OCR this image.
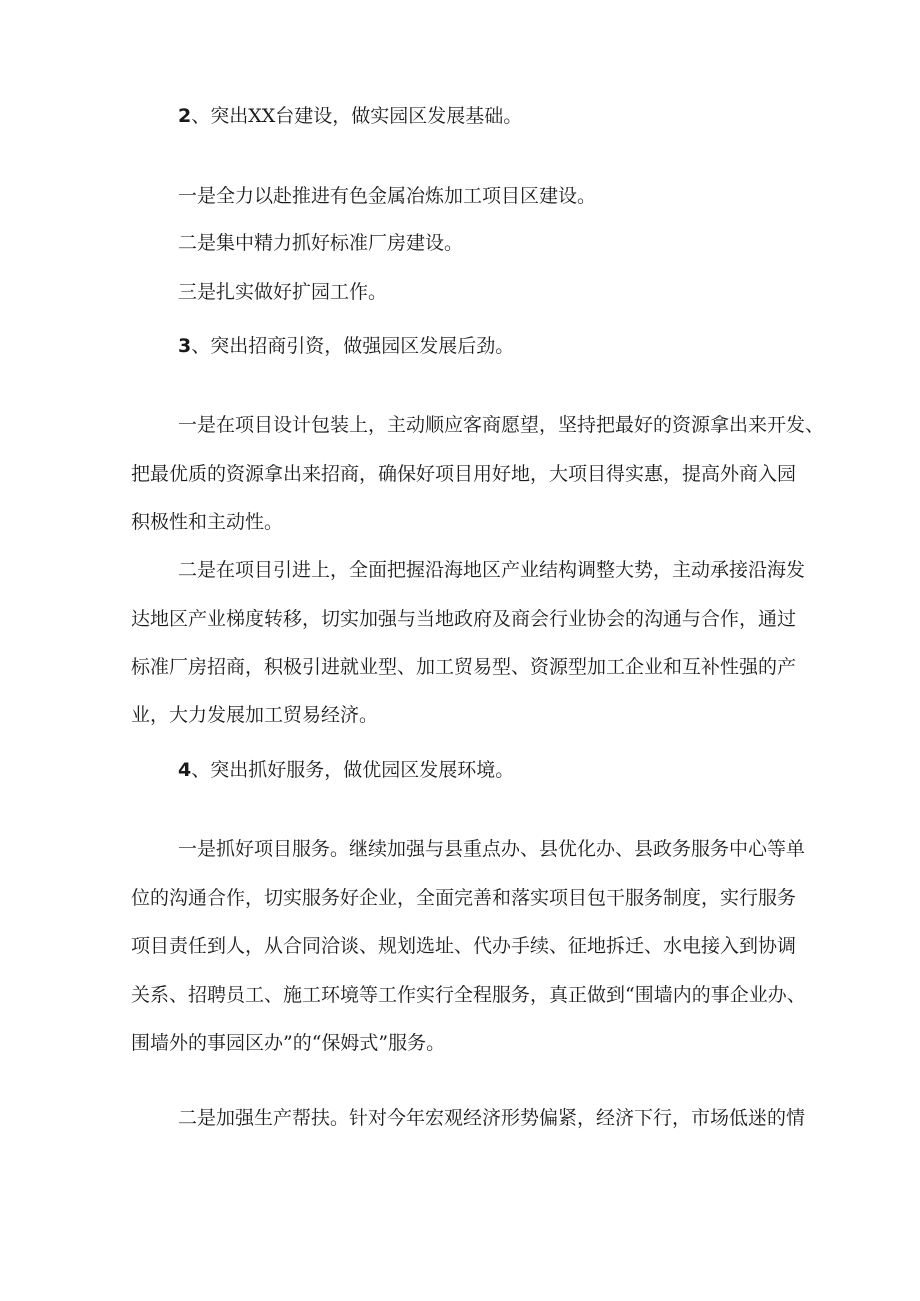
2、突出XX台建设，做实园区发展基础。
一是全力以赴推进有色金属冶炼加工项目区建设。
二是集中精力抓好标准厂房建设。
三是扎实做好扩园工作。
3、突出招商引资，做强园区发展后劲。
一是在项目设计包装上，主动顺应客商愿望，坚持把最好的资源拿出来开发、
把最优质的资源拿出来招商，确保好项目用好地，大项目得实惠，提高外商入园
积极性和主动性。
二是在项目引进上，全面把握沿海地区产业结构调整大势，主动承接沿海发
达地区产业梯度转移，切实加强与当地政府及商会行业协会的沟通与合作，通过
标准厂房招商，积极引进就业型、加工贸易型、资源型加工企业和互补性强的产
业，大力发展加工贸易经济。
4、突出抓好服务，做优园区发展环境。
一是抓好项目服务。继续加强与县重点办、县优化办、县政务服务中心等单
位的沟通合作，切实服务好企业，全面完善和落实项目包干服务制度，实行服务
项目责任到人，从合同洽谈、规划选址、代办手续、征地拆迁、水电接入到协调
关系、招聘员工、施工环境等工作实行全程服务，真正做到“围墙内的事企业办、
围墙外的事园区办”的“保姆式”服务。
二是加强生产帮扶。针对今年宏观经济形势偏紧，经济下行，市场低迷的情
